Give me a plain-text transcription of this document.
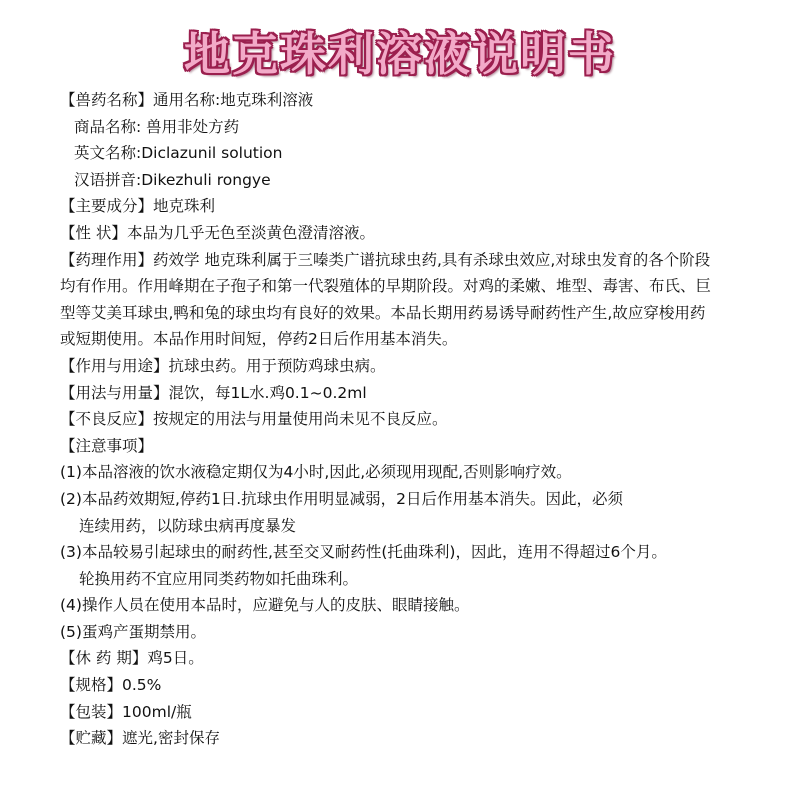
地克珠利溶液说明书
【兽药名称】通用名称:地克珠利溶液
商品名称: 兽用非处方药
英文名称:Diclazunil solution
汉语拼音:Dikezhuli rongye
【主要成分】地克珠利
【性 状】本品为几乎无色至淡黄色澄清溶液。
【药理作用】药效学 地克珠利属于三嗪类广谱抗球虫药,具有杀球虫效应,对球虫发育的各个阶段
均有作用。作用峰期在子孢子和第一代裂殖体的早期阶段。对鸡的柔嫩、堆型、毒害、布氏、巨
型等艾美耳球虫,鸭和兔的球虫均有良好的效果。本品长期用药易诱导耐药性产生,故应穿梭用药
或短期使用。本品作用时间短，停药2日后作用基本消失。
【作用与用途】抗球虫药。用于预防鸡球虫病。
【用法与用量】混饮，每1L水.鸡0.1~0.2ml
【不良反应】按规定的用法与用量使用尚未见不良反应。
【注意事项】
(1)本品溶液的饮水液稳定期仅为4小时,因此,必须现用现配,否则影响疗效。
(2)本品药效期短,停药1日.抗球虫作用明显减弱，2日后作用基本消失。因此，必须
连续用药，以防球虫病再度暴发
(3)本品较易引起球虫的耐药性,甚至交叉耐药性(托曲珠利)，因此，连用不得超过6个月。
轮换用药不宜应用同类药物如托曲珠利。
(4)操作人员在使用本品时，应避免与人的皮肤、眼睛接触。
(5)蛋鸡产蛋期禁用。
【休 药 期】鸡5日。
【规格】0.5%
【包装】100ml/瓶
【贮藏】遮光,密封保存
